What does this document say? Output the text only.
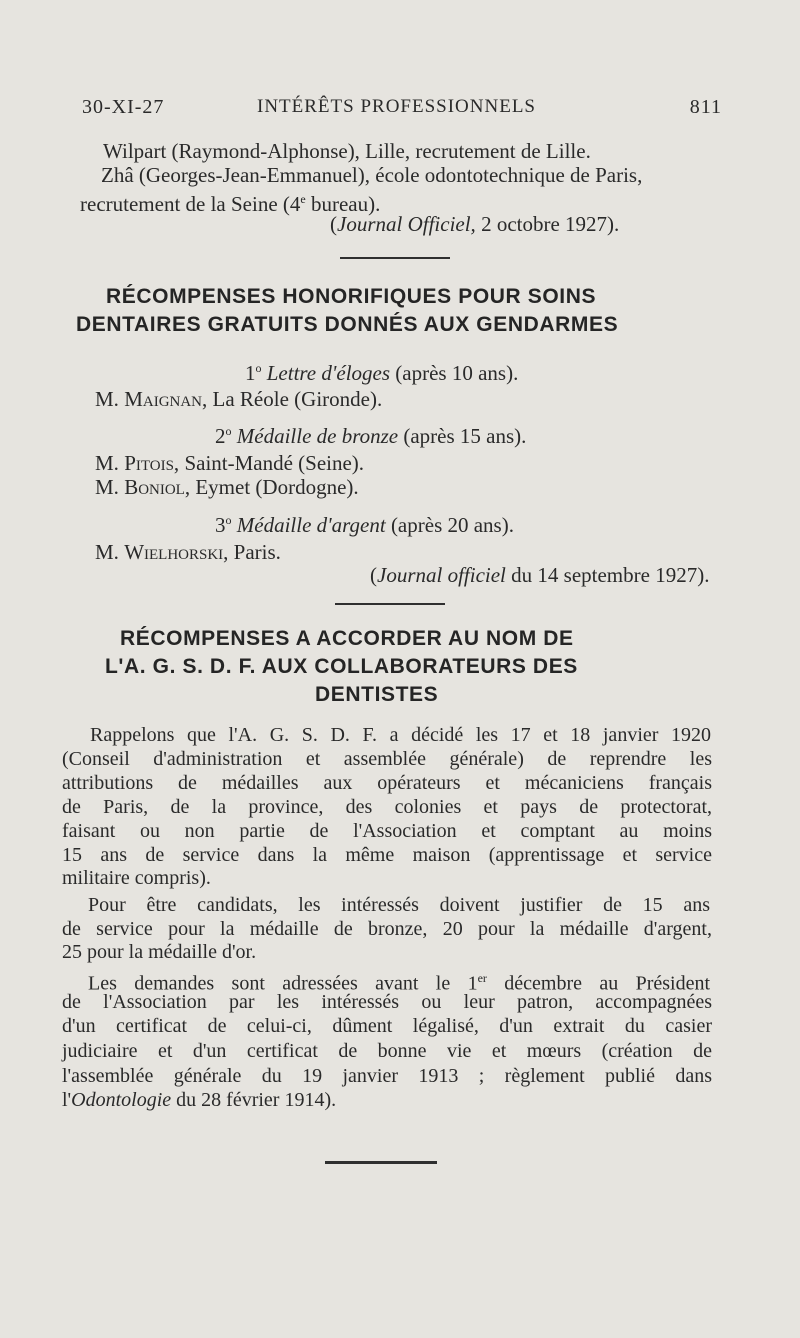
30-XI-27	INTÉRÊTS PROFESSIONNELS	811
Wilpart (Raymond-Alphonse), Lille, recrutement de Lille.
Zhâ (Georges-Jean-Emmanuel), école odontotechnique de Paris,
recrutement de la Seine (4e bureau).
(Journal Officiel, 2 octobre 1927).
RÉCOMPENSES HONORIFIQUES POUR SOINS
DENTAIRES GRATUITS DONNÉS AUX GENDARMES
1$^o$ Lettre d'éloges (après 10 ans).
M. Maignan, La Réole (Gironde).
2$^o$ Médaille de bronze (après 15 ans).
M. Pitois, Saint-Mandé (Seine).
M. Boniol, Eymet (Dordogne).
3$^o$ Médaille d'argent (après 20 ans).
M. Wielhorski, Paris.
(Journal officiel du 14 septembre 1927).
RÉCOMPENSES A ACCORDER AU NOM DE
L'A. G. S. D. F. AUX COLLABORATEURS DES
DENTISTES
Rappelons que l'A. G. S. D. F. a décidé les 17 et 18 janvier 1920
(Conseil d'administration et assemblée générale) de reprendre les
attributions de médailles aux opérateurs et mécaniciens français
de Paris, de la province, des colonies et pays de protectorat,
faisant ou non partie de l'Association et comptant au moins
15 ans de service dans la même maison (apprentissage et service
militaire compris).
Pour être candidats, les intéressés doivent justifier de 15 ans
de service pour la médaille de bronze, 20 pour la médaille d'argent,
25 pour la médaille d'or.
Les demandes sont adressées avant le 1er décembre au Président
de l'Association par les intéressés ou leur patron, accompagnées
d'un certificat de celui-ci, dûment légalisé, d'un extrait du casier
judiciaire et d'un certificat de bonne vie et mœurs (création de
l'assemblée générale du 19 janvier 1913 ; règlement publié dans
l'Odontologie du 28 février 1914).
